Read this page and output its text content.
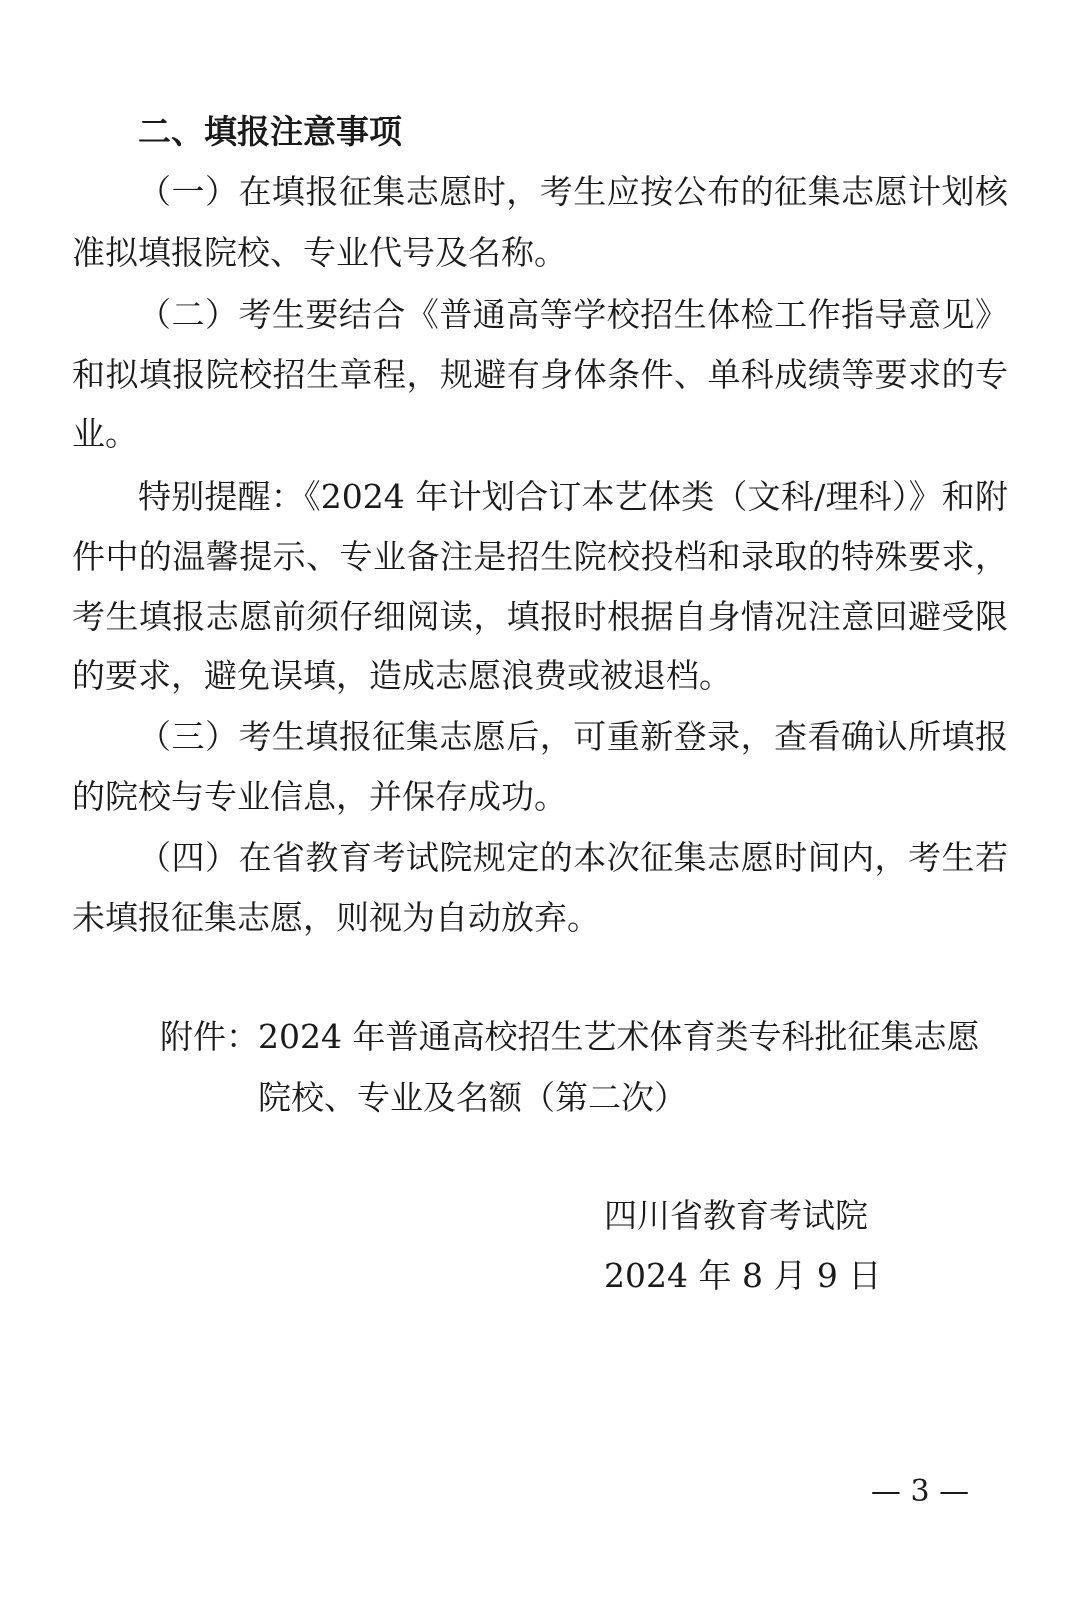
二、填报注意事项
（一）在填报征集志愿时，考生应按公布的征集志愿计划核
准拟填报院校、专业代号及名称。
（二）考生要结合《普通高等学校招生体检工作指导意见》
和拟填报院校招生章程，规避有身体条件、单科成绩等要求的专
业。
特别提醒：《2024 年计划合订本艺体类（文科/理科）》和附
件中的温馨提示、专业备注是招生院校投档和录取的特殊要求，
考生填报志愿前须仔细阅读，填报时根据自身情况注意回避受限
的要求，避免误填，造成志愿浪费或被退档。
（三）考生填报征集志愿后，可重新登录，查看确认所填报
的院校与专业信息，并保存成功。
（四）在省教育考试院规定的本次征集志愿时间内，考生若
未填报征集志愿，则视为自动放弃。
附件： 2024 年普通高校招生艺术体育类专科批征集志愿
院校、专业及名额（第二次）
四川省教育考试院
2024 年 8 月 9 日
— 3 —
